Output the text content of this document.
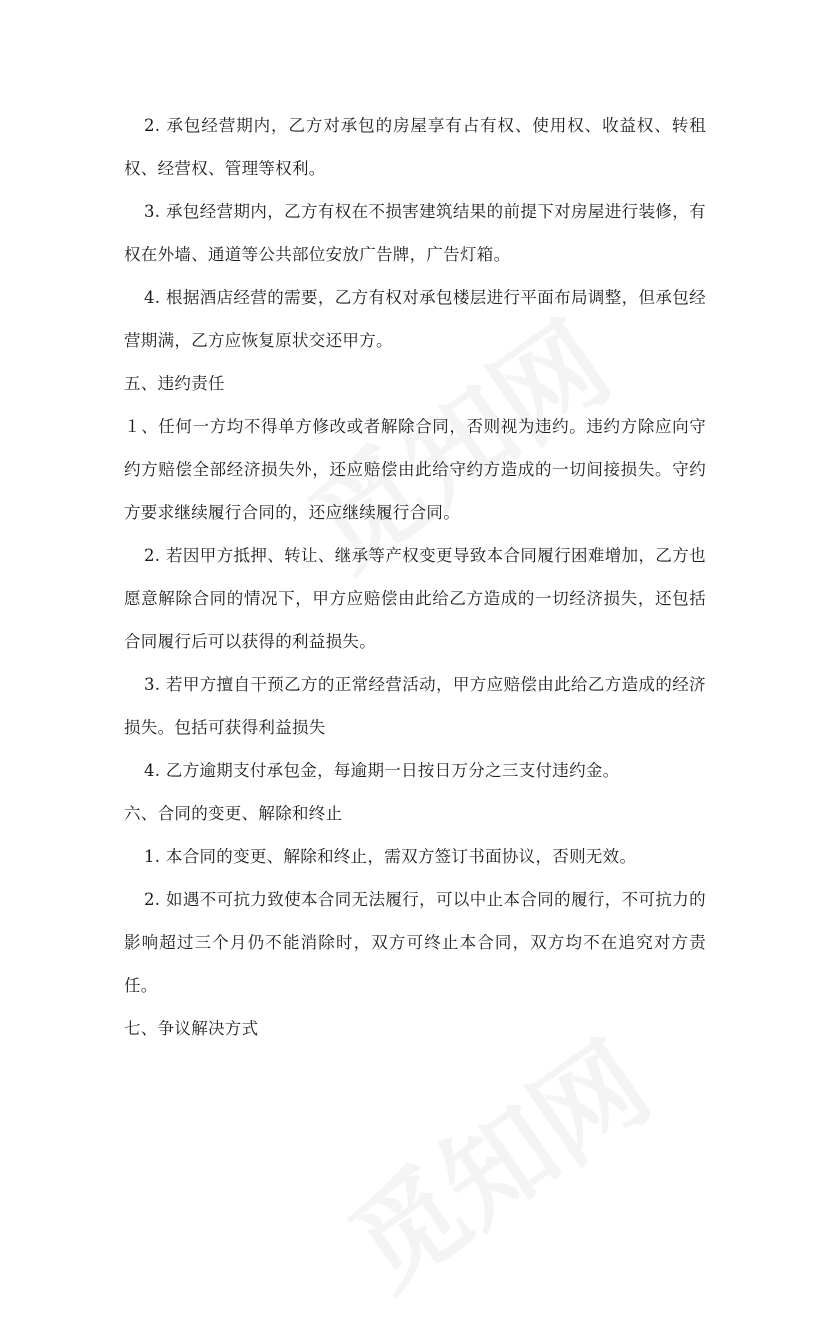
2. 承包经营期内，乙方对承包的房屋享有占有权、使用权、收益权、转租权、经营权、管理等权利。

3. 承包经营期内，乙方有权在不损害建筑结果的前提下对房屋进行装修，有权在外墙、通道等公共部位安放广告牌，广告灯箱。

4. 根据酒店经营的需要，乙方有权对承包楼层进行平面布局调整，但承包经营期满，乙方应恢复原状交还甲方。

五、违约责任

１、任何一方均不得单方修改或者解除合同，否则视为违约。违约方除应向守约方赔偿全部经济损失外，还应赔偿由此给守约方造成的一切间接损失。守约方要求继续履行合同的，还应继续履行合同。

2. 若因甲方抵押、转让、继承等产权变更导致本合同履行困难增加，乙方也愿意解除合同的情况下，甲方应赔偿由此给乙方造成的一切经济损失，还包括合同履行后可以获得的利益损失。

3. 若甲方擅自干预乙方的正常经营活动，甲方应赔偿由此给乙方造成的经济损失。包括可获得利益损失

4. 乙方逾期支付承包金，每逾期一日按日万分之三支付违约金。

六、合同的变更、解除和终止

1. 本合同的变更、解除和终止，需双方签订书面协议，否则无效。

2. 如遇不可抗力致使本合同无法履行，可以中止本合同的履行，不可抗力的影响超过三个月仍不能消除时，双方可终止本合同，双方均不在追究对方责任。

七、争议解决方式
